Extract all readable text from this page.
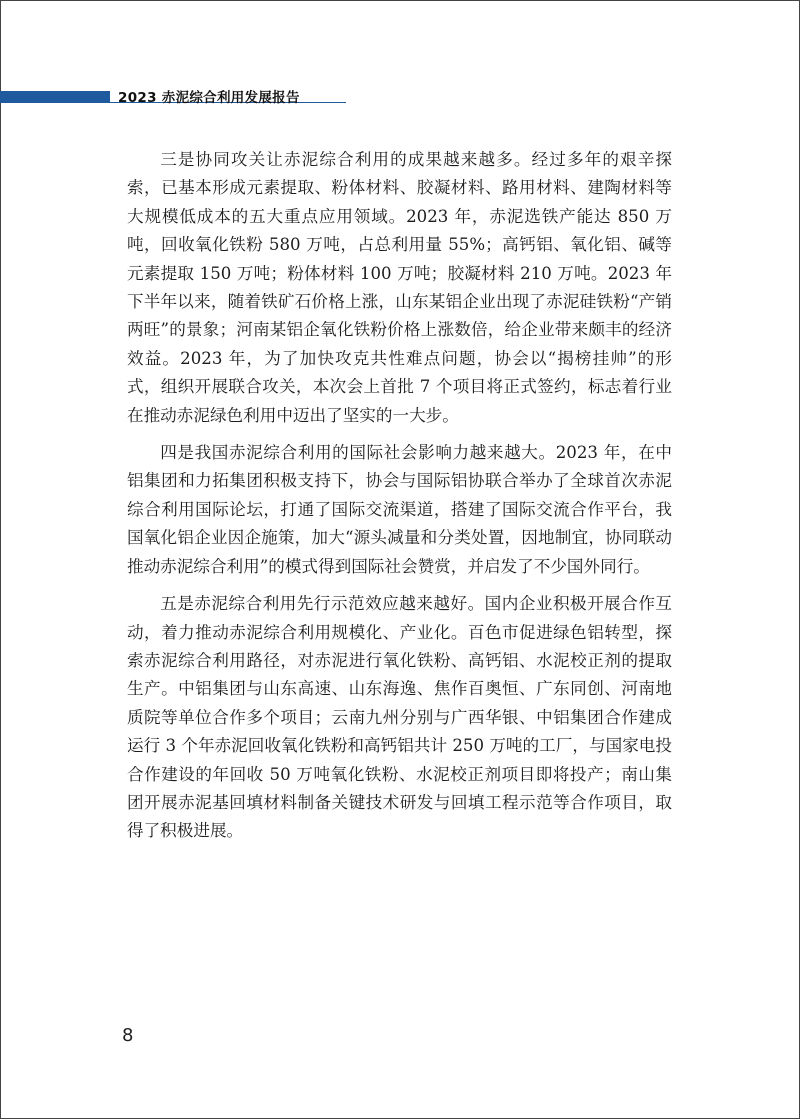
2023 赤泥综合利用发展报告

三是协同攻关让赤泥综合利用的成果越来越多。经过多年的艰辛探索，已基本形成元素提取、粉体材料、胶凝材料、路用材料、建陶材料等大规模低成本的五大重点应用领域。2023 年，赤泥选铁产能达 850 万吨，回收氧化铁粉 580 万吨，占总利用量 55%；高钙铝、氧化铝、碱等元素提取 150 万吨；粉体材料 100 万吨；胶凝材料 210 万吨。2023 年下半年以来，随着铁矿石价格上涨，山东某铝企业出现了赤泥硅铁粉“产销两旺”的景象；河南某铝企氧化铁粉价格上涨数倍，给企业带来颇丰的经济效益。2023 年，为了加快攻克共性难点问题，协会以“揭榜挂帅”的形式，组织开展联合攻关，本次会上首批 7 个项目将正式签约，标志着行业在推动赤泥绿色利用中迈出了坚实的一大步。

四是我国赤泥综合利用的国际社会影响力越来越大。2023 年，在中铝集团和力拓集团积极支持下，协会与国际铝协联合举办了全球首次赤泥综合利用国际论坛，打通了国际交流渠道，搭建了国际交流合作平台，我国氧化铝企业因企施策，加大“源头减量和分类处置，因地制宜，协同联动推动赤泥综合利用”的模式得到国际社会赞赏，并启发了不少国外同行。

五是赤泥综合利用先行示范效应越来越好。国内企业积极开展合作互动，着力推动赤泥综合利用规模化、产业化。百色市促进绿色铝转型，探索赤泥综合利用路径，对赤泥进行氧化铁粉、高钙铝、水泥校正剂的提取生产。中铝集团与山东高速、山东海逸、焦作百奥恒、广东同创、河南地质院等单位合作多个项目；云南九州分别与广西华银、中铝集团合作建成运行 3 个年赤泥回收氧化铁粉和高钙铝共计 250 万吨的工厂，与国家电投合作建设的年回收 50 万吨氧化铁粉、水泥校正剂项目即将投产；南山集团开展赤泥基回填材料制备关键技术研发与回填工程示范等合作项目，取得了积极进展。

8
